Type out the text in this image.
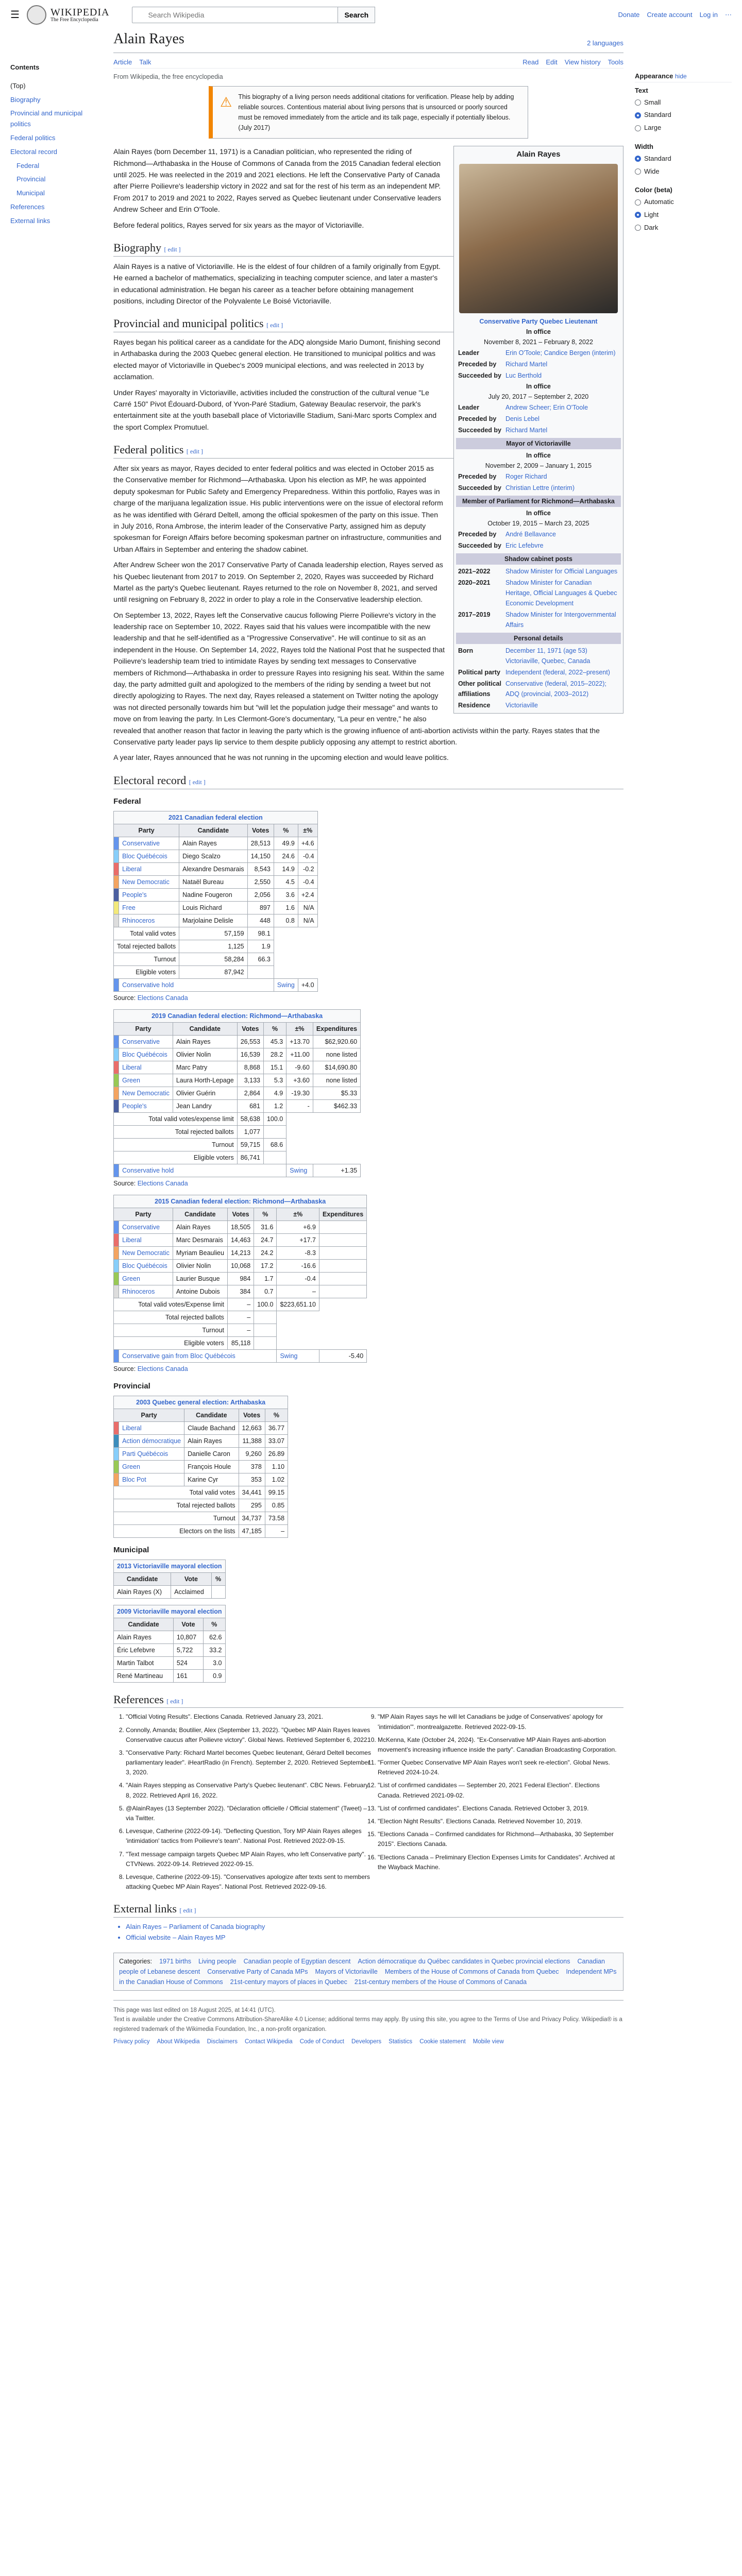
☰	WIKIPEDIA
The Free Encyclopedia
Search Wikipedia
Search	Donate Create account Log in ⋯
Contents
(Top)
Biography
Provincial and municipal politics
Federal politics
Electoral record
Federal
Provincial
Municipal
References
External links
Alain Rayes	2 languages
Article Talk	Read Edit View history Tools
From Wikipedia, the free encyclopedia
⚠ This biography of a living person needs additional citations for verification. Please help by adding reliable sources. Contentious material about living persons that is unsourced or poorly sourced must be removed immediately from the article and its talk page, especially if potentially libelous. (July 2017)
Alain Rayes
Conservative Party Quebec Lieutenant
In office
November 8, 2021 – February 8, 2022
Leader	Erin O'Toole; Candice Bergen (interim)
Preceded by	Richard Martel
Succeeded by Luc Berthold
In office
July 20, 2017 – September 2, 2020
Leader	Andrew Scheer; Erin O'Toole
Preceded by	Denis Lebel
Succeeded by Richard Martel
Mayor of Victoriaville
In office
November 2, 2009 – January 1, 2015
Preceded by	Roger Richard
Succeeded by Christian Lettre (interim)
Member of Parliament for Richmond—Arthabaska
In office
October 19, 2015 – March 23, 2025
Preceded by	André Bellavance
Succeeded by Eric Lefebvre
Shadow cabinet posts
2021–2022	Shadow Minister for Official Languages
2020–2021	Shadow Minister for Canadian Heritage, Official Languages & Quebec Economic Development
2017–2019	Shadow Minister for Intergovernmental Affairs
Personal details
Born	December 11, 1971 (age 53) Victoriaville, Quebec, Canada
Political party Independent (federal, 2022–present)
Other political affiliations
Conservative (federal, 2015–2022); ADQ (provincial, 2003–2012)
Residence	Victoriaville

Alain Rayes (born December 11, 1971) is a Canadian politician, who represented the riding of Richmond—Arthabaska in the House of Commons of Canada from the 2015 Canadian federal election until 2025. He was reelected in the 2019 and 2021 elections. He left the Conservative Party of Canada after Pierre Poilievre's leadership victory in 2022 and sat for the rest of his term as an independent MP. From 2017 to 2019 and 2021 to 2022, Rayes served as Quebec lieutenant under Conservative leaders Andrew Scheer and Erin O'Toole.

Before federal politics, Rayes served for six years as the mayor of Victoriaville.

Biography [ edit ]

Alain Rayes is a native of Victoriaville. He is the eldest of four children of a family originally from Egypt. He earned a bachelor of mathematics, specializing in teaching computer science, and later a master's in educational administration. He began his career as a teacher before obtaining management positions, including Director of the Polyvalente Le Boisé Victoriaville.

Provincial and municipal politics [ edit ]

Rayes began his political career as a candidate for the ADQ alongside Mario Dumont, finishing second in Arthabaska during the 2003 Quebec general election. He transitioned to municipal politics and was elected mayor of Victoriaville in Quebec's 2009 municipal elections, and was reelected in 2013 by acclamation.

Under Rayes' mayoralty in Victoriaville, activities included the construction of the cultural venue "Le Carré 150" Pivot Édouard-Dubord, of Yvon-Paré Stadium, Gateway Beaulac reservoir, the park's entertainment site at the youth baseball place of Victoriaville Stadium, Sani-Marc sports Complex and the sport Complex Promutuel.

Federal politics [ edit ]

After six years as mayor, Rayes decided to enter federal politics and was elected in October 2015 as the Conservative member for Richmond—Arthabaska. Upon his election as MP, he was appointed deputy spokesman for Public Safety and Emergency Preparedness. Within this portfolio, Rayes was in charge of the marijuana legalization issue. His public interventions were on the issue of electoral reform as he was identified with Gérard Deltell, among the official spokesmen of the party on this issue. Then in July 2016, Rona Ambrose, the interim leader of the Conservative Party, assigned him as deputy spokesman for Foreign Affairs before becoming spokesman partner on infrastructure, communities and Urban Affairs in September and entering the shadow cabinet.

After Andrew Scheer won the 2017 Conservative Party of Canada leadership election, Rayes served as his Quebec lieutenant from 2017 to 2019. On September 2, 2020, Rayes was succeeded by Richard Martel as the party's Quebec lieutenant. Rayes returned to the role on November 8, 2021, and served until resigning on February 8, 2022 in order to play a role in the Conservative leadership election.

On September 13, 2022, Rayes left the Conservative caucus following Pierre Poilievre's victory in the leadership race on September 10, 2022. Rayes said that his values were incompatible with the new leadership and that he self-identified as a "Progressive Conservative". He will continue to sit as an independent in the House. On September 14, 2022, Rayes told the National Post that he suspected that Poilievre's leadership team tried to intimidate Rayes by sending text messages to Conservative members of Richmond—Arthabaska in order to pressure Rayes into resigning his seat. Within the same day, the party admitted guilt and apologized to the members of the riding by sending a tweet but not directly apologizing to Rayes. The next day, Rayes released a statement on Twitter noting the apology was not directed personally towards him but "will let the population judge their message" and wants to move on from leaving the party. In Les Clermont-Gore's documentary, "La peur en ventre," he also revealed that another reason that factor in leaving the party which is the growing influence of anti-abortion activists within the party. Rayes states that the Conservative party leader pays lip service to them despite publicly opposing any attempt to restrict abortion.

A year later, Rayes announced that he was not running in the upcoming election and would leave politics.

Electoral record [ edit ]
Federal
2021 Canadian federal election					
Party		Candidate	Votes	%	±%
	Conservative	Alain Rayes	28,513	49.9	+4.6
	Bloc Québécois	Diego Scalzo	14,150	24.6	-0.4
	Liberal	Alexandre Desmarais	8,543	14.9	-0.2
	New Democratic	Nataël Bureau	2,550	4.5	-0.4
	People's	Nadine Fougeron	2,056	3.6	+2.4
	Free	Louis Richard	897	1.6	N/A
	Rhinoceros	Marjolaine Delisle	448	0.8	N/A
Total valid votes		57,159	98.1		
Total rejected ballots		1,125	1.9		
Turnout		58,284	66.3		
Eligible voters		87,942			
	Conservative hold			Swing	+4.0
Source: Elections Canada
2019 Canadian federal election: Richmond—Arthabaska						
Party		Candidate	Votes	%	±%	Expenditures
	Conservative	Alain Rayes	26,553	45.3	+13.70	$62,920.60
	Bloc Québécois	Olivier Nolin	16,539	28.2	+11.00	none listed
	Liberal	Marc Patry	8,868	15.1	-9.60	$14,690.80
	Green	Laura Horth-Lepage	3,133	5.3	+3.60	none listed
	New Democratic	Olivier Guérin	2,864	4.9	-19.30	$5.33
	People's	Jean Landry	681	1.2	-	$462.33
Total valid votes/expense limit			58,638	100.0		
Total rejected ballots			1,077			
Turnout			59,715	68.6		
Eligible voters			86,741			
	Conservative hold				Swing	+1.35
Source: Elections Canada
2015 Canadian federal election: Richmond—Arthabaska						
Party		Candidate	Votes	%	±%	Expenditures
	Conservative	Alain Rayes	18,505	31.6	+6.9	
	Liberal	Marc Desmarais	14,463	24.7	+17.7	
	New Democratic	Myriam Beaulieu	14,213	24.2	-8.3	
	Bloc Québécois	Olivier Nolin	10,068	17.2	-16.6	
	Green	Laurier Busque	984	1.7	-0.4	
	Rhinoceros	Antoine Dubois	384	0.7	–	
Total valid votes/Expense limit			–	100.0	$223,651.10	
Total rejected ballots			–			
Turnout			–			
Eligible voters			85,118			
	Conservative gain from Bloc Québécois				Swing	-5.40
Source: Elections Canada
Provincial
2003 Quebec general election: Arthabaska				
Party		Candidate	Votes	%
	Liberal	Claude Bachand	12,663	36.77
	Action démocratique	Alain Rayes	11,388	33.07
	Parti Québécois	Danielle Caron	9,260	26.89
	Green	François Houle	378	1.10
	Bloc Pot	Karine Cyr	353	1.02
Total valid votes			34,441	99.15
Total rejected ballots			295	0.85
Turnout			34,737	73.58
Electors on the lists			47,185	–
Municipal
2013 Victoriaville mayoral election		
Candidate	Vote	%
Alain Rayes (X)	Acclaimed	
2009 Victoriaville mayoral election		
Candidate	Vote	%
Alain Rayes	10,807	62.6
Éric Lefebvre	5,722	33.2
Martin Talbot	524	3.0
René Martineau	161	0.9
References [ edit ]
1. "Official Voting Results". Elections Canada. Retrieved January 23, 2021.
2. Connolly, Amanda; Boutilier, Alex (September 13, 2022). "Quebec MP Alain Rayes leaves Conservative caucus after Poilievre victory". Global News. Retrieved September 6, 2022.
3. "Conservative Party: Richard Martel becomes Quebec lieutenant, Gérard Deltell becomes parliamentary leader". iHeartRadio (in French). September 2, 2020. Retrieved September 3, 2020.
4. "Alain Rayes stepping as Conservative Party's Quebec lieutenant". CBC News. February 8, 2022. Retrieved April 16, 2022.
5. @AlainRayes (13 September 2022). "Déclaration officielle / Official statement" (Tweet) – via Twitter.
6. Levesque, Catherine (2022-09-14). "Deflecting Question, Tory MP Alain Rayes alleges 'intimidation' tactics from Poilievre's team". National Post. Retrieved 2022-09-15.
7. "Text message campaign targets Quebec MP Alain Rayes, who left Conservative party". CTVNews. 2022-09-14. Retrieved 2022-09-15.
8. Levesque, Catherine (2022-09-15). "Conservatives apologize after texts sent to members attacking Quebec MP Alain Rayes". National Post. Retrieved 2022-09-16.
9. "MP Alain Rayes says he will let Canadians be judge of Conservatives' apology for 'intimidation'". montrealgazette. Retrieved 2022-09-15.
10. McKenna, Kate (October 24, 2024). "Ex-Conservative MP Alain Rayes anti-abortion movement's increasing influence inside the party". Canadian Broadcasting Corporation.
11. "Former Quebec Conservative MP Alain Rayes won't seek re-election". Global News. Retrieved 2024-10-24.
12. "List of confirmed candidates — September 20, 2021 Federal Election". Elections Canada. Retrieved 2021-09-02.
13. "List of confirmed candidates". Elections Canada. Retrieved October 3, 2019.
14. "Election Night Results". Elections Canada. Retrieved November 10, 2019.
15. "Elections Canada – Confirmed candidates for Richmond—Arthabaska, 30 September 2015". Elections Canada.
16. "Elections Canada – Preliminary Election Expenses Limits for Candidates". Archived at the Wayback Machine.
External links [ edit ]
• Alain Rayes – Parliament of Canada biography
• Official website – Alain Rayes MP
Categories: 1971 births Living people Canadian people of Egyptian descent Action démocratique du Québec candidates in Quebec provincial elections Canadian people of Lebanese descent Conservative Party of Canada MPs Mayors of Victoriaville Members of the House of Commons of Canada from Quebec Independent MPs in the Canadian House of Commons 21st-century mayors of places in Quebec 21st-century members of the House of Commons of Canada
This page was last edited on 18 August 2025, at 14:41 (UTC).
Text is available under the Creative Commons Attribution-ShareAlike 4.0 License; additional terms may apply. By using this site, you agree to the Terms of Use and Privacy Policy. Wikipedia® is a registered trademark of the Wikimedia Foundation, Inc., a non-profit organization.
Privacy policy About Wikipedia Disclaimers Contact Wikipedia Code of Conduct Developers Statistics Cookie statement Mobile view
Appearance hide
Text
Small
Standard
Large
Width
Standard
Wide
Color (beta)
Automatic
Light
Dark
